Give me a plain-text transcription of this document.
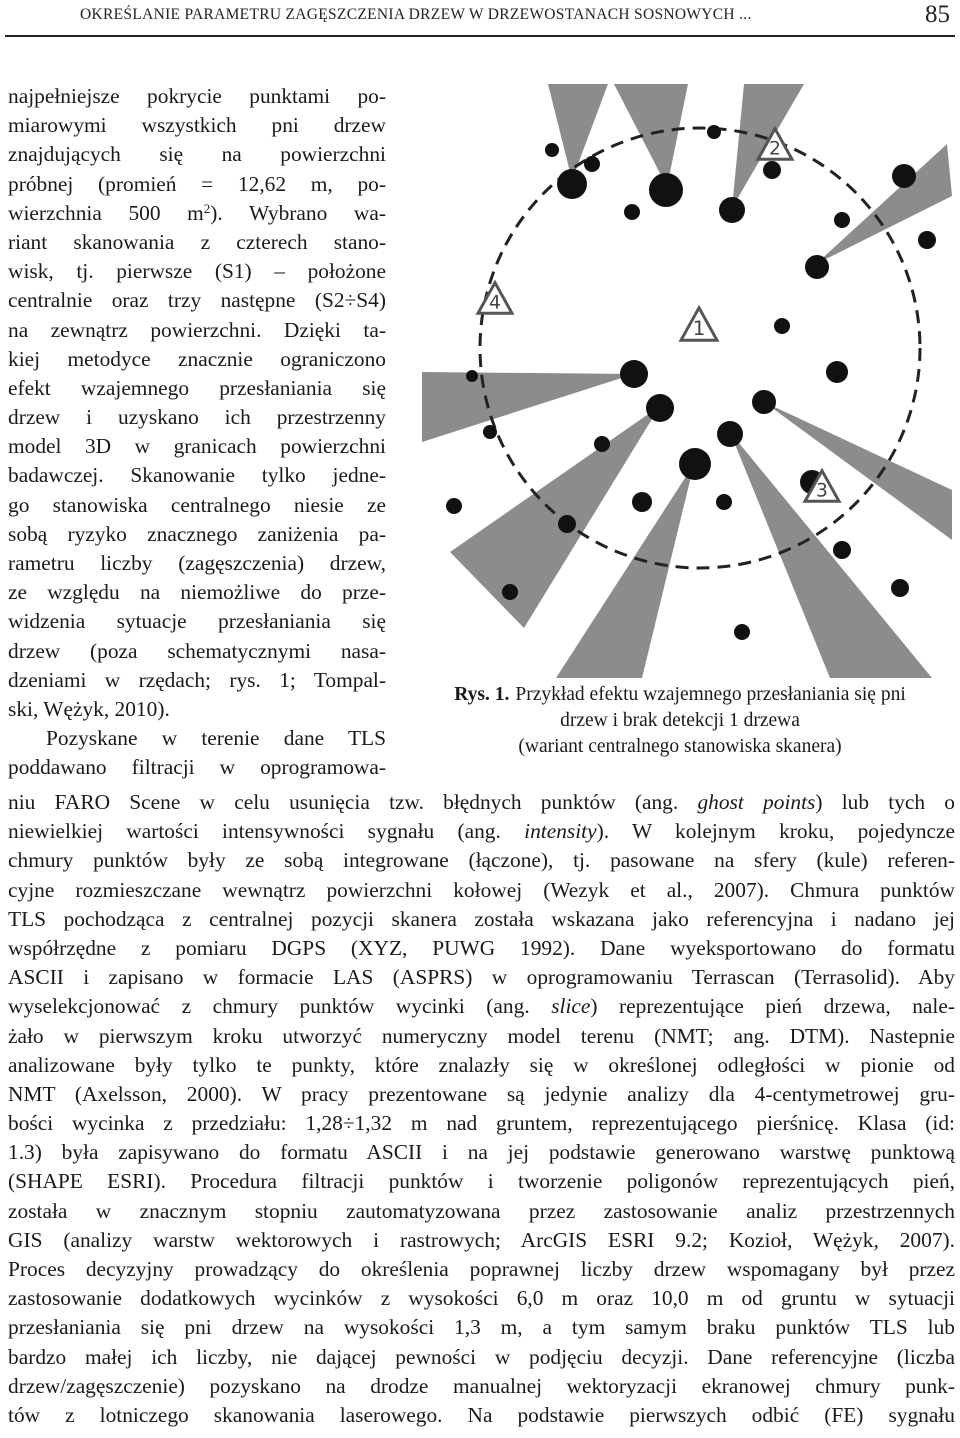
OKREŚLANIE PARAMETRU ZAGĘSZCZENIA DRZEW W DRZEWOSTANACH SOSNOWYCH ...	85
najpełniejsze pokrycie punktami po-
miarowymi wszystkich pni drzew
znajdujących się na powierzchni
próbnej (promień = 12,62 m, po-
wierzchnia 500 $m^2$). Wybrano wa-
riant skanowania z czterech stano-
wisk, tj. pierwsze (S1) – położone
centralnie oraz trzy następne (S2÷S4)
na zewnątrz powierzchni. Dzięki ta-
kiej metodyce znacznie ograniczono
efekt wzajemnego przesłaniania się
drzew i uzyskano ich przestrzenny
model 3D w granicach powierzchni
badawczej. Skanowanie tylko jedne-
go stanowiska centralnego niesie ze
sobą ryzyko znacznego zaniżenia pa-
rametru liczby (zagęszczenia) drzew,
ze względu na niemożliwe do prze-
widzenia sytuacje przesłaniania się
drzew (poza schematycznymi nasa-
dzeniami w rzędach; rys. 1; Tompal-
ski, Wężyk, 2010).
Pozyskane w terenie dane TLS
poddawano filtracji w oprogramowa-
1
2
3
4
Rys. 1. Przykład efektu wzajemnego przesłaniania się pni
drzew i brak detekcji 1 drzewa
(wariant centralnego stanowiska skanera)
niu FARO Scene w celu usunięcia tzw. błędnych punktów (ang. ghost points) lub tych o
niewielkiej wartości intensywności sygnału (ang. intensity). W kolejnym kroku, pojedyncze
chmury punktów były ze sobą integrowane (łączone), tj. pasowane na sfery (kule) referen-
cyjne rozmieszczane wewnątrz powierzchni kołowej (Wezyk et al., 2007). Chmura punktów
TLS pochodząca z centralnej pozycji skanera została wskazana jako referencyjna i nadano jej
współrzędne z pomiaru DGPS (XYZ, PUWG 1992). Dane wyeksportowano do formatu
ASCII i zapisano w formacie LAS (ASPRS) w oprogramowaniu Terrascan (Terrasolid). Aby
wyselekcjonować z chmury punktów wycinki (ang. slice) reprezentujące pień drzewa, nale-
żało w pierwszym kroku utworzyć numeryczny model terenu (NMT; ang. DTM). Nastepnie
analizowane były tylko te punkty, które znalazły się w określonej odległości w pionie od
NMT (Axelsson, 2000). W pracy prezentowane są jedynie analizy dla 4-centymetrowej gru-
bości wycinka z przedziału: 1,28÷1,32 m nad gruntem, reprezentującego pierśnicę. Klasa (id:
1.3) była zapisywano do formatu ASCII i na jej podstawie generowano warstwę punktową
(SHAPE ESRI). Procedura filtracji punktów i tworzenie poligonów reprezentujących pień,
została w znacznym stopniu zautomatyzowana przez zastosowanie analiz przestrzennych
GIS (analizy warstw wektorowych i rastrowych; ArcGIS ESRI 9.2; Kozioł, Wężyk, 2007).
Proces decyzyjny prowadzący do określenia poprawnej liczby drzew wspomagany był przez
zastosowanie dodatkowych wycinków z wysokości 6,0 m oraz 10,0 m od gruntu w sytuacji
przesłaniania się pni drzew na wysokości 1,3 m, a tym samym braku punktów TLS lub
bardzo małej ich liczby, nie dającej pewności w podjęciu decyzji. Dane referencyjne (liczba
drzew/zagęszczenie) pozyskano na drodze manualnej wektoryzacji ekranowej chmury punk-
tów z lotniczego skanowania laserowego. Na podstawie pierwszych odbić (FE) sygnału
